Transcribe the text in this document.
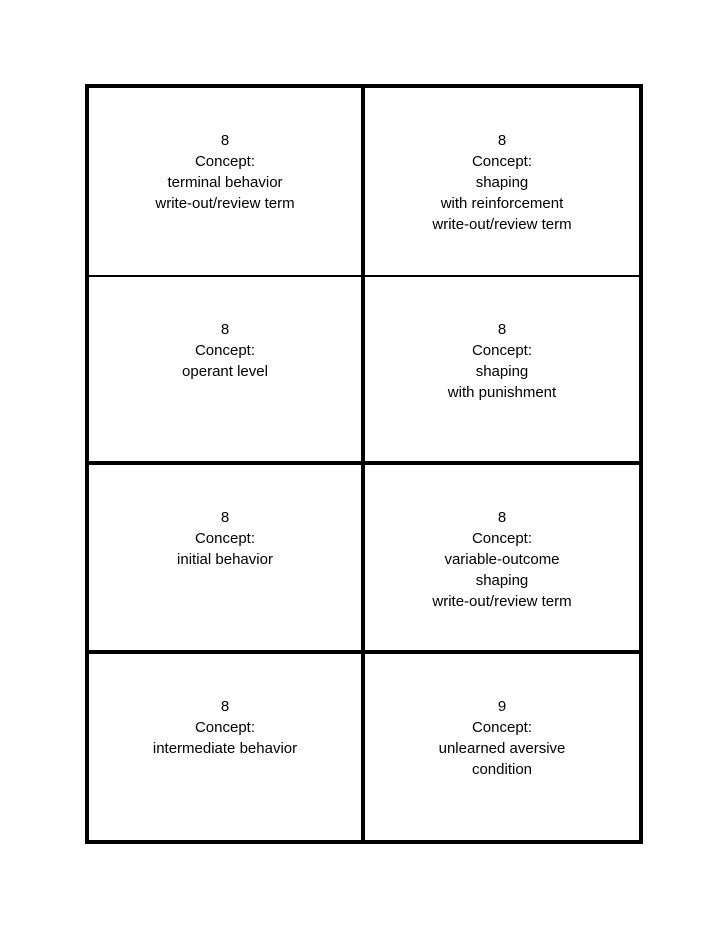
8
Concept:
terminal behavior
write-out/review term
8
Concept:
shaping
with reinforcement
write-out/review term
8
Concept:
operant level
8
Concept:
shaping
with punishment
8
Concept:
initial behavior
8
Concept:
variable-outcome
shaping
write-out/review term
8
Concept:
intermediate behavior
9
Concept:
unlearned aversive
condition
